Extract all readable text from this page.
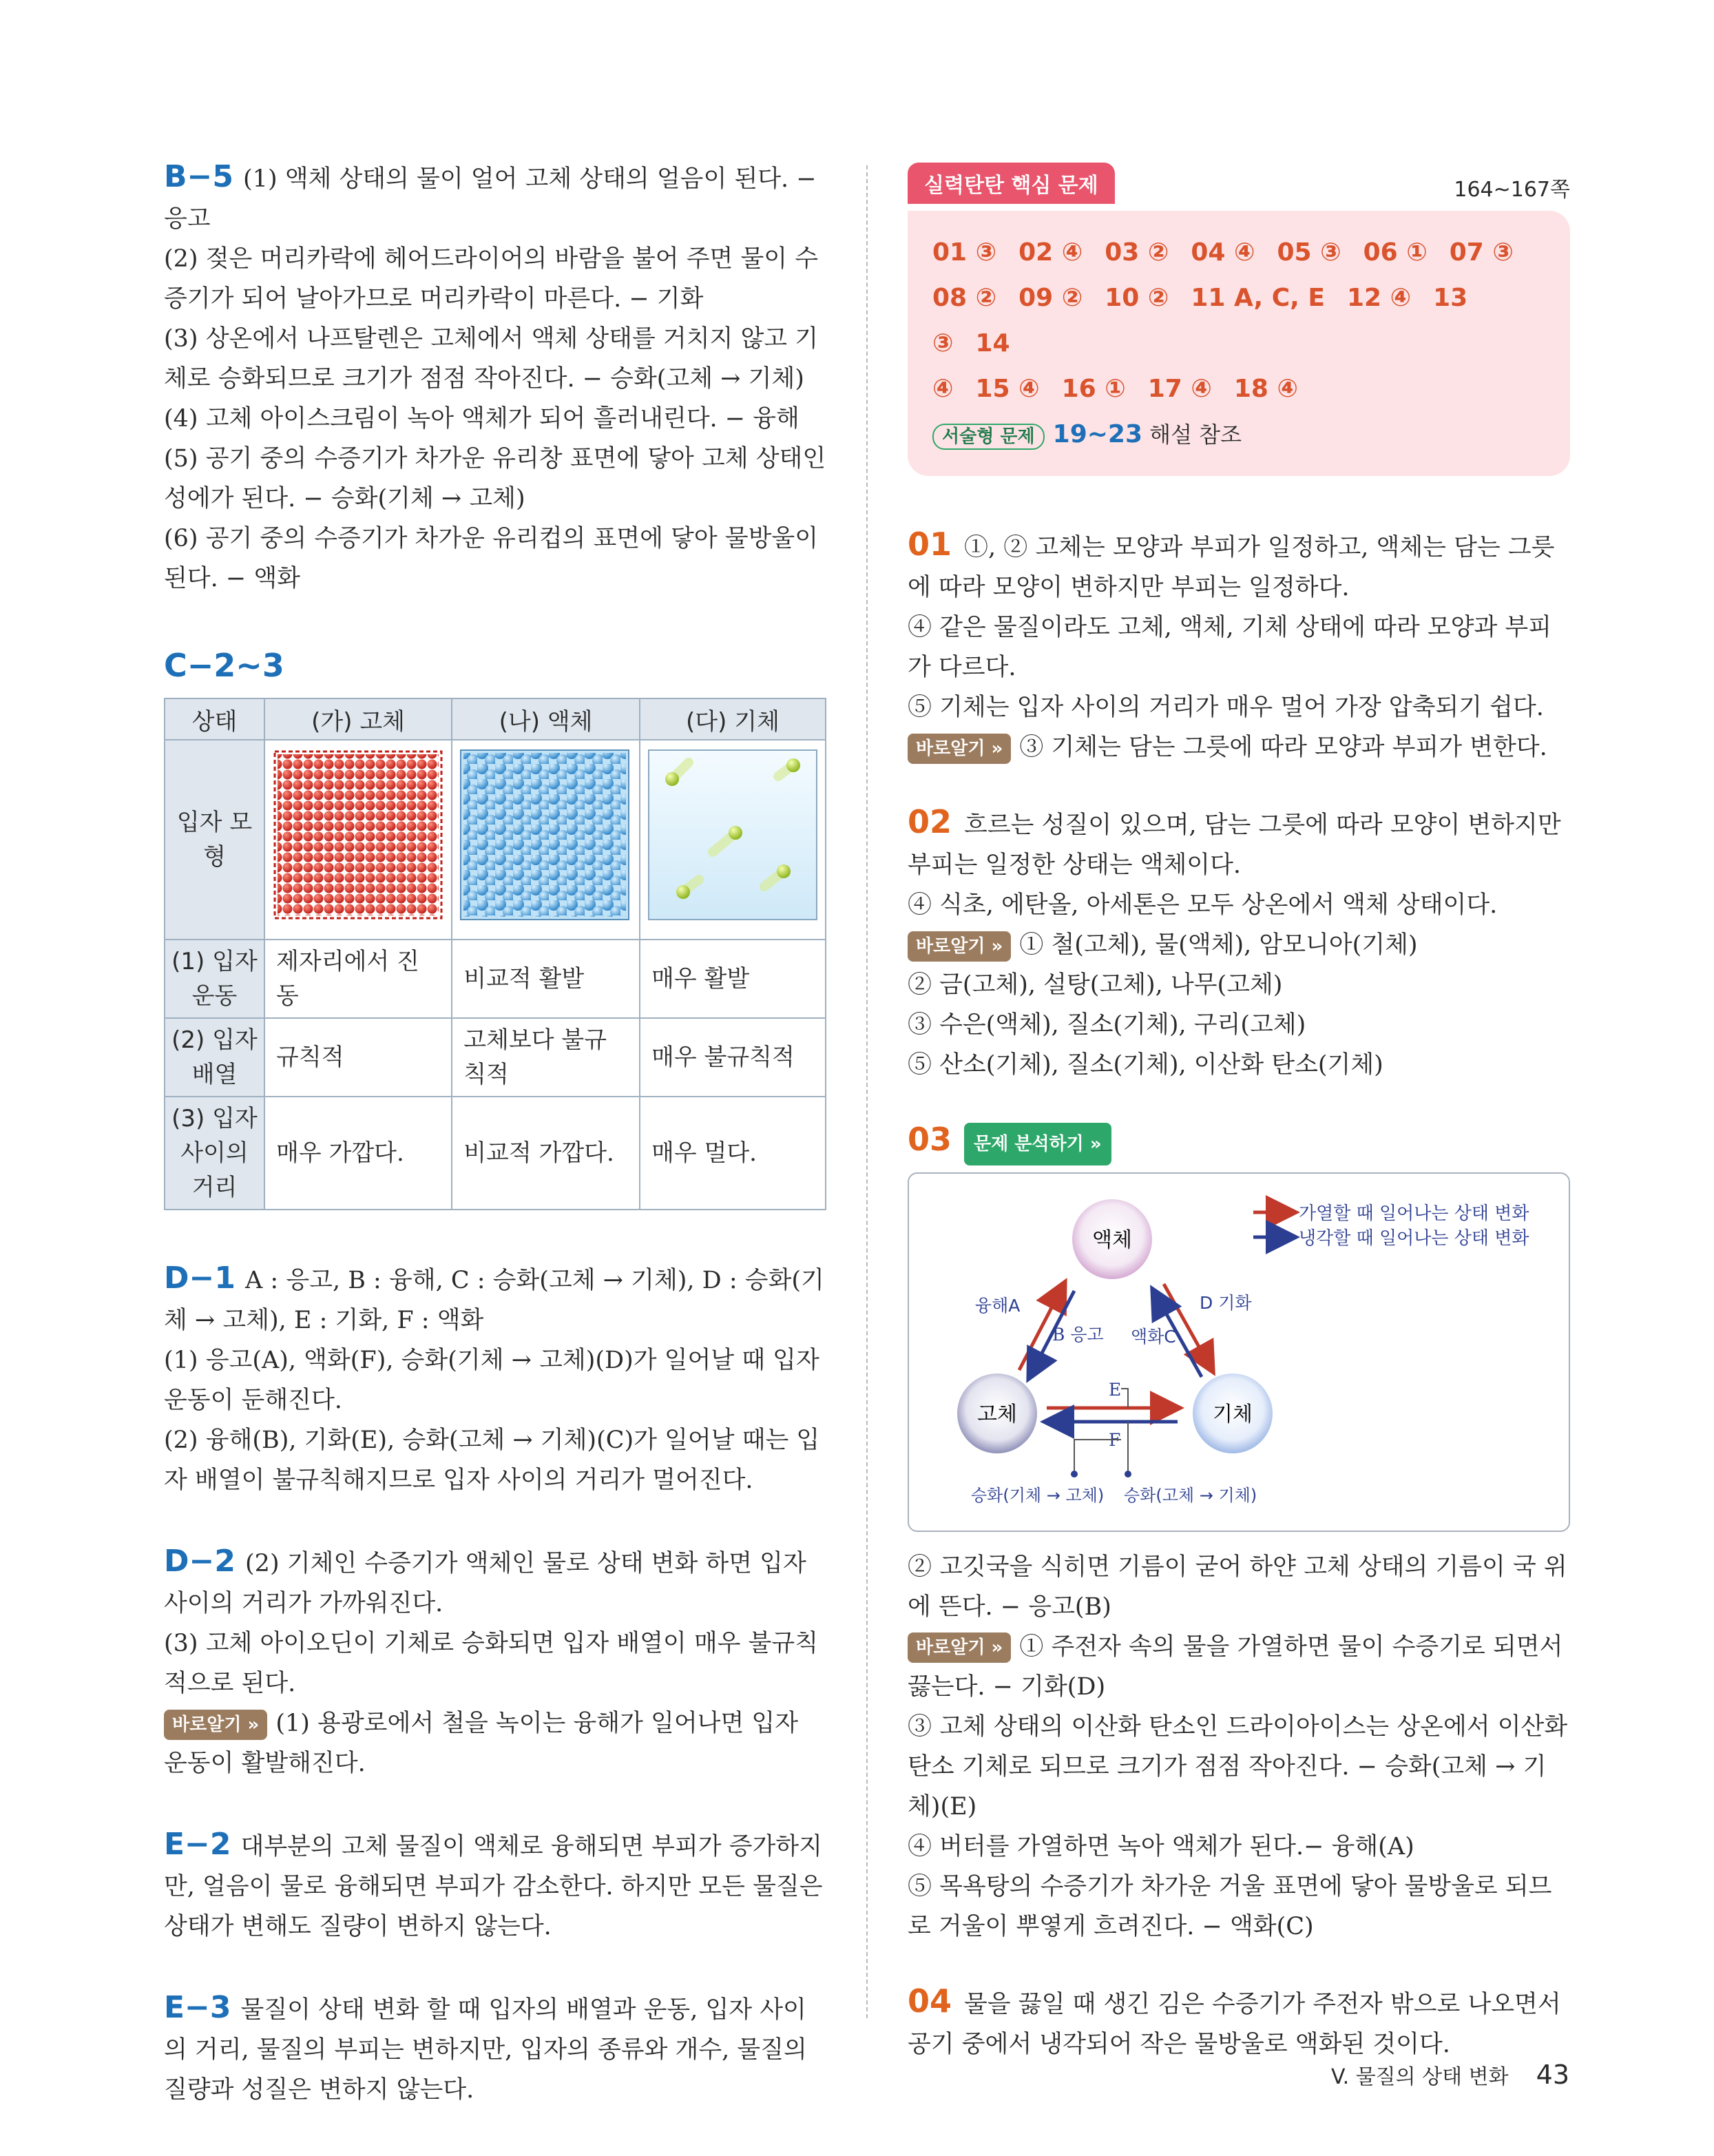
B−5 (1) 액체 상태의 물이 얼어 고체 상태의 얼음이 된다. − 응고

(2) 젖은 머리카락에 헤어드라이어의 바람을 불어 주면 물이 수증기가 되어 날아가므로 머리카락이 마른다. − 기화

(3) 상온에서 나프탈렌은 고체에서 액체 상태를 거치지 않고 기체로 승화되므로 크기가 점점 작아진다. − 승화(고체 → 기체)

(4) 고체 아이스크림이 녹아 액체가 되어 흘러내린다. − 융해

(5) 공기 중의 수증기가 차가운 유리창 표면에 닿아 고체 상태인 성에가 된다. − 승화(기체 → 고체)

(6) 공기 중의 수증기가 차가운 유리컵의 표면에 닿아 물방울이 된다. − 액화

C−2~3

상태	(가) 고체	(나) 액체	(다) 기체
입자 모형			
(1) 입자 운동	제자리에서 진동	비교적 활발	매우 활발
(2) 입자 배열	규칙적	고체보다 불규칙적	매우 불규칙적
(3) 입자 사이의 거리	매우 가깝다.	비교적 가깝다.	매우 멀다.

D−1 A : 응고, B : 융해, C : 승화(고체 → 기체), D : 승화(기체 → 고체), E : 기화, F : 액화

(1) 응고(A), 액화(F), 승화(기체 → 고체)(D)가 일어날 때 입자 운동이 둔해진다.

(2) 융해(B), 기화(E), 승화(고체 → 기체)(C)가 일어날 때는 입자 배열이 불규칙해지므로 입자 사이의 거리가 멀어진다.

D−2 (2) 기체인 수증기가 액체인 물로 상태 변화 하면 입자 사이의 거리가 가까워진다.

(3) 고체 아이오딘이 기체로 승화되면 입자 배열이 매우 불규칙적으로 된다.

바로알기 » (1) 용광로에서 철을 녹이는 융해가 일어나면 입자 운동이 활발해진다.

E−2 대부분의 고체 물질이 액체로 융해되면 부피가 증가하지만, 얼음이 물로 융해되면 부피가 감소한다. 하지만 모든 물질은 상태가 변해도 질량이 변하지 않는다.

E−3 물질이 상태 변화 할 때 입자의 배열과 운동, 입자 사이의 거리, 물질의 부피는 변하지만, 입자의 종류와 개수, 물질의 질량과 성질은 변하지 않는다.

실력탄탄 핵심 문제	164~167쪽

01 ③ 02 ④ 03 ② 04 ④ 05 ③ 06 ① 07 ③

08 ② 09 ② 10 ② 11 A, C, E 12 ④ 13 ③ 14

④ 15 ④ 16 ① 17 ④ 18 ④

서술형 문제 19~23 해설 참조

01 ①, ② 고체는 모양과 부피가 일정하고, 액체는 담는 그릇에 따라 모양이 변하지만 부피는 일정하다.

④ 같은 물질이라도 고체, 액체, 기체 상태에 따라 모양과 부피가 다르다.

⑤ 기체는 입자 사이의 거리가 매우 멀어 가장 압축되기 쉽다.

바로알기 » ③ 기체는 담는 그릇에 따라 모양과 부피가 변한다.

02 흐르는 성질이 있으며, 담는 그릇에 따라 모양이 변하지만 부피는 일정한 상태는 액체이다.

④ 식초, 에탄올, 아세톤은 모두 상온에서 액체 상태이다.

바로알기 » ① 철(고체), 물(액체), 암모니아(기체)

② 금(고체), 설탕(고체), 나무(고체)

③ 수은(액체), 질소(기체), 구리(고체)

⑤ 산소(기체), 질소(기체), 이산화 탄소(기체)

03 문제 분석하기 »

가열할 때 일어나는 상태 변화
냉각할 때 일어나는 상태 변화
액체
고체	기체
융해A
B 응고
D 기화
액화C
E
F
승화(기체 → 고체) 승화(고체 → 기체)

② 고깃국을 식히면 기름이 굳어 하얀 고체 상태의 기름이 국 위에 뜬다. − 응고(B)

바로알기 » ① 주전자 속의 물을 가열하면 물이 수증기로 되면서 끓는다. − 기화(D)

③ 고체 상태의 이산화 탄소인 드라이아이스는 상온에서 이산화 탄소 기체로 되므로 크기가 점점 작아진다. − 승화(고체 → 기체)(E)

④ 버터를 가열하면 녹아 액체가 된다.− 융해(A)

⑤ 목욕탕의 수증기가 차가운 거울 표면에 닿아 물방울로 되므로 거울이 뿌옇게 흐려진다. − 액화(C)

04 물을 끓일 때 생긴 김은 수증기가 주전자 밖으로 나오면서 공기 중에서 냉각되어 작은 물방울로 액화된 것이다.

V. 물질의 상태 변화 43
